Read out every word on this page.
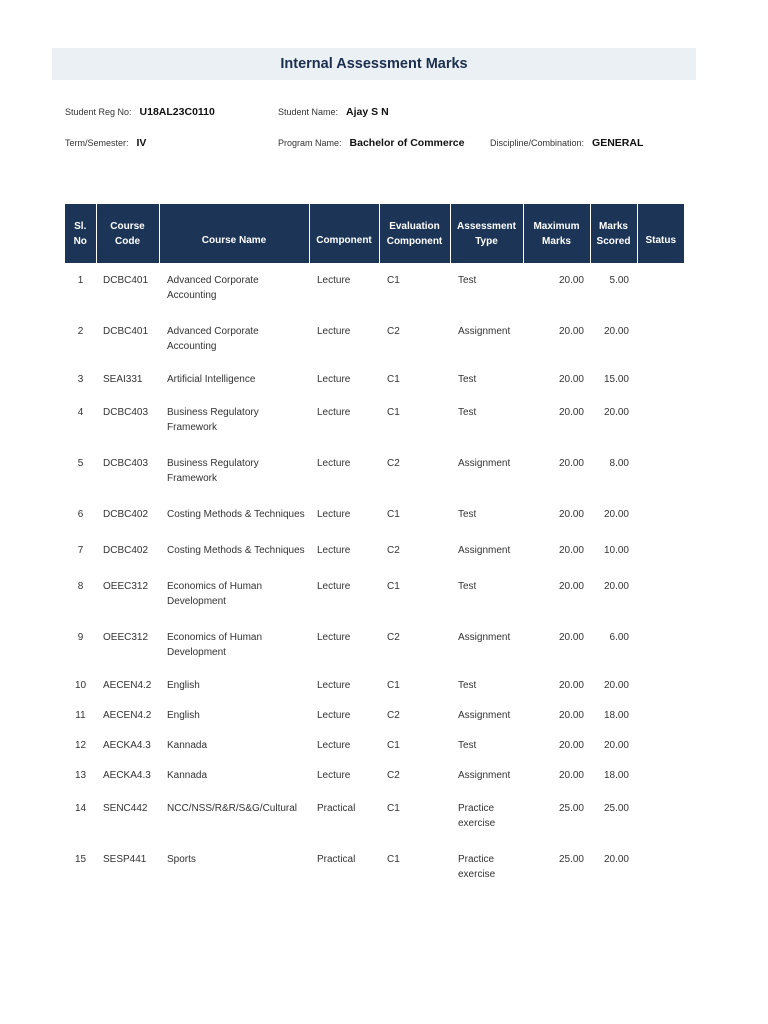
Internal Assessment Marks
Student Reg No: U18AL23C0110	Student Name: Ajay S N
Term/Semester: IV	Program Name: Bachelor of Commerce	Discipline/Combination: GENERAL
Sl. No	Course Code	Course Name	Component	Evaluation Component	Assessment Type	Maximum Marks	Marks Scored	Status
1	DCBC401	Advanced Corporate Accounting	Lecture	C1	Test	20.00	5.00	
2	DCBC401	Advanced Corporate Accounting	Lecture	C2	Assignment	20.00	20.00	
3	SEAI331	Artificial Intelligence	Lecture	C1	Test	20.00	15.00	
4	DCBC403	Business Regulatory Framework	Lecture	C1	Test	20.00	20.00	
5	DCBC403	Business Regulatory Framework	Lecture	C2	Assignment	20.00	8.00	
6	DCBC402	Costing Methods & Techniques	Lecture	C1	Test	20.00	20.00	
7	DCBC402	Costing Methods & Techniques	Lecture	C2	Assignment	20.00	10.00	
8	OEEC312	Economics of Human Development	Lecture	C1	Test	20.00	20.00	
9	OEEC312	Economics of Human Development	Lecture	C2	Assignment	20.00	6.00	
10	AECEN4.2	English	Lecture	C1	Test	20.00	20.00	
11	AECEN4.2	English	Lecture	C2	Assignment	20.00	18.00	
12	AECKA4.3	Kannada	Lecture	C1	Test	20.00	20.00	
13	AECKA4.3	Kannada	Lecture	C2	Assignment	20.00	18.00	
14	SENC442	NCC/NSS/R&R/S&G/Cultural	Practical	C1	Practice exercise	25.00	25.00	
15	SESP441	Sports	Practical	C1	Practice exercise	25.00	20.00	
